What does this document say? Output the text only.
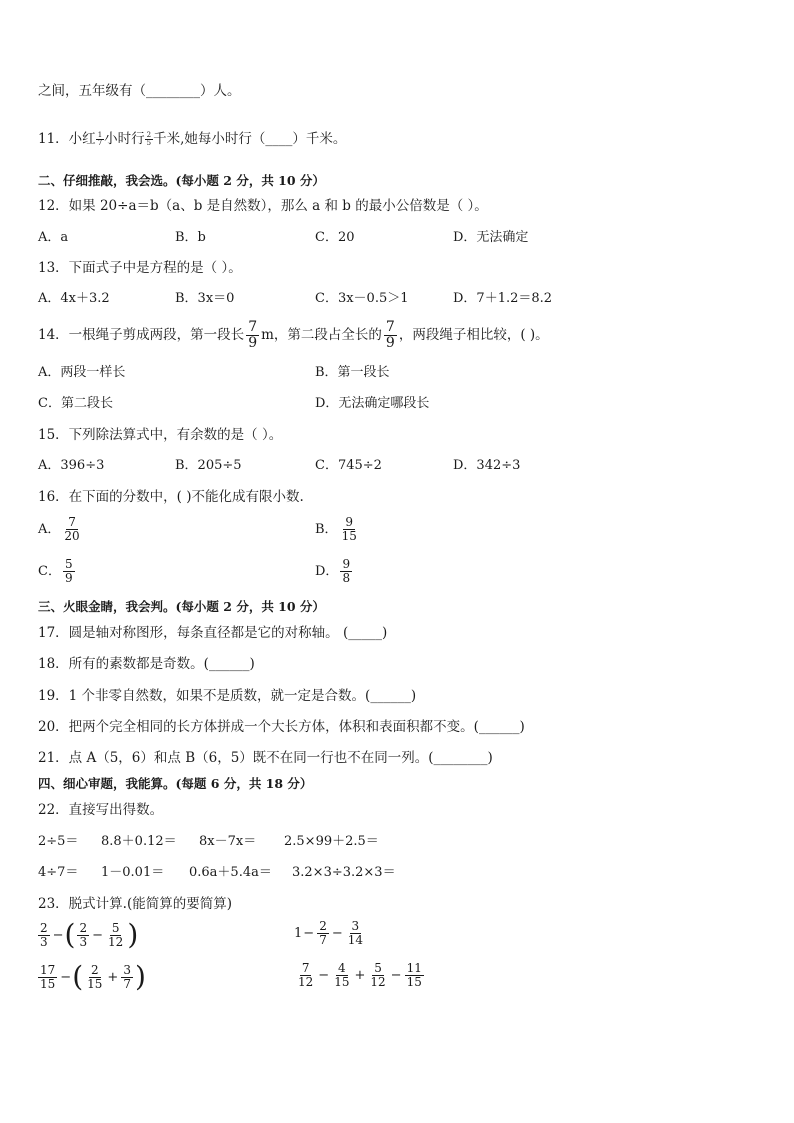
之间，五年级有（________）人。
11．小红 $\frac{1}{7}$ 小时行 $\frac{2}{5}$ 千米,她每小时行（____）千米。
二、仔细推敲，我会选。(每小题 2 分，共 10 分）
12．如果 20÷a＝b（a、b 是自然数），那么 a 和 b 的最小公倍数是（ ）。
A．a	B．b	C．20	D．无法确定
13．下面式子中是方程的是（ ）。
A．4x＋3.2	B．3x＝0	C．3x－0.5＞1	D．7＋1.2＝8.2
14．一根绳子剪成两段，第一段长 $\frac{7}{9}$ m，第二段占全长的 $\frac{7}{9}$ ，两段绳子相比较，( )。
A．两段一样长	B．第一段长
C．第二段长	D．无法确定哪段长
15．下列除法算式中，有余数的是（ ）。
A．396÷3	B．205÷5	C．745÷2	D．342÷3
16．在下面的分数中，( )不能化成有限小数.
A． $\frac{7}{20}$	B． $\frac{9}{15}$
C． $\frac{5}{9}$	D． $\frac{9}{8}$
三、火眼金睛，我会判。(每小题 2 分，共 10 分）
17．圆是轴对称图形，每条直径都是它的对称轴。 (_____)
18．所有的素数都是奇数。(______)
19．1 个非零自然数，如果不是质数，就一定是合数。(______)
20．把两个完全相同的长方体拼成一个大长方体，体积和表面积都不变。(______)
21．点 A（5，6）和点 B（6，5）既不在同一行也不在同一列。(________)
四、细心审题，我能算。(每题 6 分，共 18 分）
22．直接写出得数。
2÷5＝ 8.8＋0.12＝ 8x－7x＝ 2.5×99＋2.5＝
4÷7＝ 1－0.01＝ 0.6a＋5.4a＝ 3.2×3÷3.2×3＝
23．脱式计算.(能简算的要简算)
$\frac{2}{3}$ − ( $\frac{2}{3} - \frac{5}{12}$ )	$1 - \frac{2}{7} - \frac{3}{14}$
$\frac{17}{15}$ − ( $\frac{2}{15} + \frac{3}{7}$ )	$\frac{7}{12} - \frac{4}{15} + \frac{5}{12} - \frac{11}{15}$
